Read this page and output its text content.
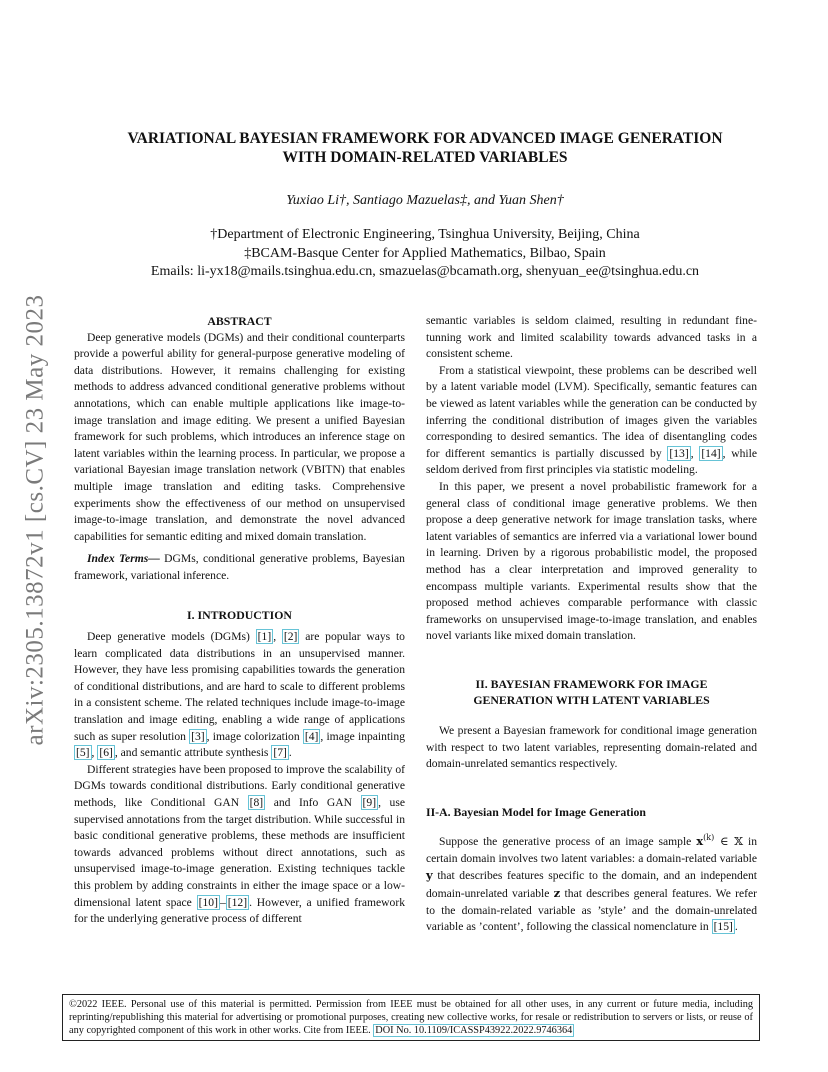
arXiv:2305.13872v1 [cs.CV] 23 May 2023
VARIATIONAL BAYESIAN FRAMEWORK FOR ADVANCED IMAGE GENERATION
WITH DOMAIN-RELATED VARIABLES
Yuxiao Li†, Santiago Mazuelas‡, and Yuan Shen†
†Department of Electronic Engineering, Tsinghua University, Beijing, China
‡BCAM-Basque Center for Applied Mathematics, Bilbao, Spain
Emails: li-yx18@mails.tsinghua.edu.cn, smazuelas@bcamath.org, shenyuan_ee@tsinghua.edu.cn
ABSTRACT

Deep generative models (DGMs) and their conditional counterparts provide a powerful ability for general-purpose generative modeling of data distributions. However, it remains challenging for existing methods to address advanced conditional generative problems without annotations, which can enable multiple applications like image-to-image translation and image editing. We present a unified Bayesian framework for such problems, which introduces an inference stage on latent variables within the learning process. In particular, we propose a variational Bayesian image translation network (VBITN) that enables multiple image translation and editing tasks. Comprehensive experiments show the effectiveness of our method on unsupervised image-to-image translation, and demonstrate the novel advanced capabilities for semantic editing and mixed domain translation.

Index Terms— DGMs, conditional generative problems, Bayesian framework, variational inference.

I. INTRODUCTION

Deep generative models (DGMs) [1] , [2] are popular ways to learn complicated data distributions in an unsupervised manner. However, they have less promising capabilities towards the generation of conditional distributions, and are hard to scale to different problems in a consistent scheme. The related techniques include image-to-image translation and image editing, enabling a wide range of applications such as super resolution [3] , image colorization [4] , image inpainting [5] , [6] , and semantic attribute synthesis [7] .

Different strategies have been proposed to improve the scalability of DGMs towards conditional distributions. Early conditional generative methods, like Conditional GAN [8] and Info GAN [9] , use supervised annotations from the target distribution. While successful in basic conditional generative problems, these methods are insufficient towards advanced problems without direct annotations, such as unsupervised image-to-image generation. Existing techniques tackle this problem by adding constraints in either the image space or a low-dimensional latent space [10] – [12] . However, a unified framework for the underlying generative process of different

semantic variables is seldom claimed, resulting in redundant fine-tunning work and limited scalability towards advanced tasks in a consistent scheme.

From a statistical viewpoint, these problems can be described well by a latent variable model (LVM). Specifically, semantic features can be viewed as latent variables while the generation can be conducted by inferring the conditional distribution of images given the variables corresponding to desired semantics. The idea of disentangling codes for different semantics is partially discussed by [13] , [14] , while seldom derived from first principles via statistic modeling.

In this paper, we present a novel probabilistic framework for a general class of conditional image generative problems. We then propose a deep generative network for image translation tasks, where latent variables of semantics are inferred via a variational lower bound in learning. Driven by a rigorous probabilistic model, the proposed method has a clear interpretation and improved generality to encompass multiple variants. Experimental results show that the proposed method achieves comparable performance with classic frameworks on unsupervised image-to-image translation, and enables novel variants like mixed domain translation.

II. BAYESIAN FRAMEWORK FOR IMAGE
GENERATION WITH LATENT VARIABLES

We present a Bayesian framework for conditional image generation with respect to two latent variables, representing domain-related and domain-unrelated semantics respectively.

II-A. Bayesian Model for Image Generation

Suppose the generative process of an image sample $x^{(k)}$ ∈ 𝕏 in certain domain involves two latent variables: a domain-related variable y that describes features specific to the domain, and an independent domain-unrelated variable z that describes general features. We refer to the domain-related variable as ’style’ and the domain-unrelated variable as ’content’, following the classical nomenclature in [15] .

©2022 IEEE. Personal use of this material is permitted. Permission from IEEE must be obtained for all other uses, in any current or future media, including reprinting/republishing this material for advertising or promotional purposes, creating new collective works, for resale or redistribution to servers or lists, or reuse of any copyrighted component of this work in other works. Cite from IEEE. DOI No. 10.1109/ICASSP43922.2022.9746364
